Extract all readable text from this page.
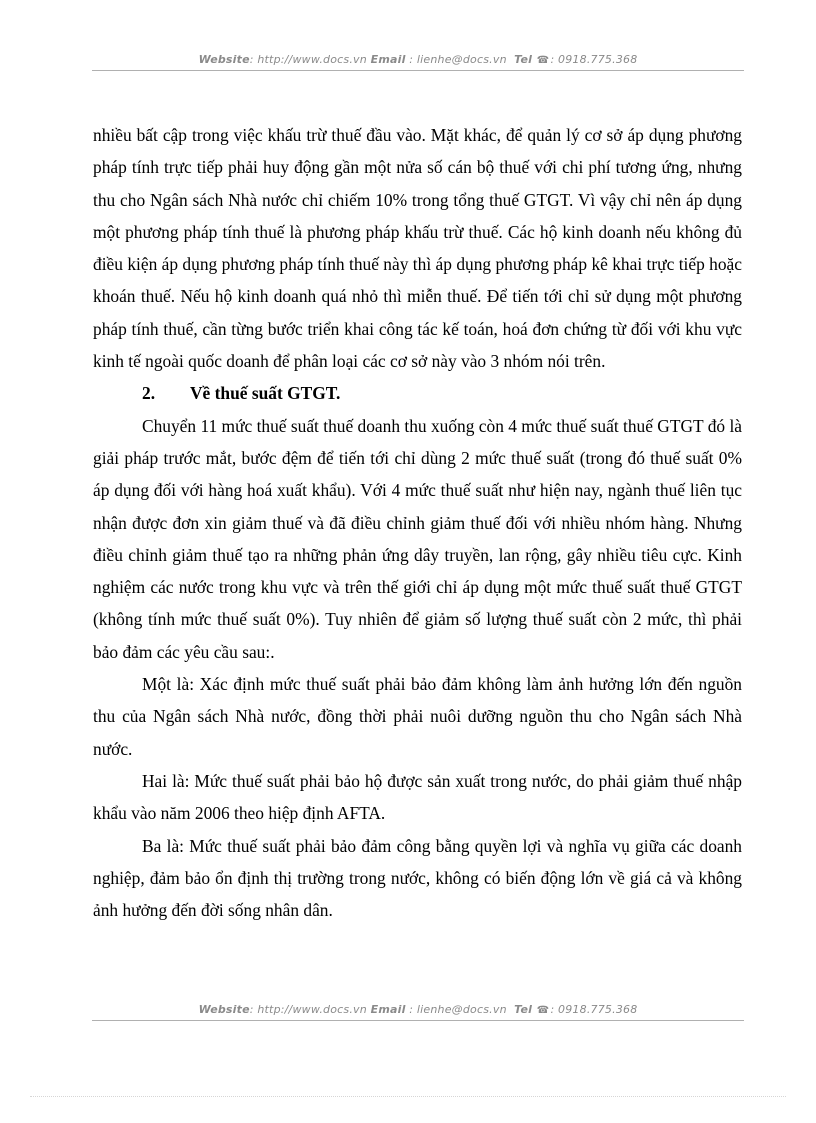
Website: http://www.docs.vn Email : lienhe@docs.vn Tel ☎: 0918.775.368

nhiều bất cập trong việc khấu trừ thuế đầu vào. Mặt khác, để quản lý cơ sở áp dụng phương pháp tính trực tiếp phải huy động gần một nửa số cán bộ thuế với chi phí tương ứng, nhưng thu cho Ngân sách Nhà nước chỉ chiếm 10% trong tổng thuế GTGT. Vì vậy chỉ nên áp dụng một phương pháp tính thuế là phương pháp khấu trừ thuế. Các hộ kinh doanh nếu không đủ điều kiện áp dụng phương pháp tính thuế này thì áp dụng phương pháp kê khai trực tiếp hoặc khoán thuế. Nếu hộ kinh doanh quá nhỏ thì miễn thuế. Để tiến tới chỉ sử dụng một phương pháp tính thuế, cần từng bước triển khai công tác kế toán, hoá đơn chứng từ đối với khu vực kinh tế ngoài quốc doanh để phân loại các cơ sở này vào 3 nhóm nói trên.

2. Về thuế suất GTGT.

Chuyển 11 mức thuế suất thuế doanh thu xuống còn 4 mức thuế suất thuế GTGT đó là giải pháp trước mắt, bước đệm để tiến tới chỉ dùng 2 mức thuế suất (trong đó thuế suất 0% áp dụng đối với hàng hoá xuất khẩu). Với 4 mức thuế suất như hiện nay, ngành thuế liên tục nhận được đơn xin giảm thuế và đã điều chỉnh giảm thuế đối với nhiều nhóm hàng. Nhưng điều chỉnh giảm thuế tạo ra những phản ứng dây truyền, lan rộng, gây nhiều tiêu cực. Kinh nghiệm các nước trong khu vực và trên thế giới chỉ áp dụng một mức thuế suất thuế GTGT (không tính mức thuế suất 0%). Tuy nhiên để giảm số lượng thuế suất còn 2 mức, thì phải bảo đảm các yêu cầu sau:.

Một là: Xác định mức thuế suất phải bảo đảm không làm ảnh hưởng lớn đến nguồn thu của Ngân sách Nhà nước, đồng thời phải nuôi dưỡng nguồn thu cho Ngân sách Nhà nước.

Hai là: Mức thuế suất phải bảo hộ được sản xuất trong nước, do phải giảm thuế nhập khẩu vào năm 2006 theo hiệp định AFTA.

Ba là: Mức thuế suất phải bảo đảm công bằng quyền lợi và nghĩa vụ giữa các doanh nghiệp, đảm bảo ổn định thị trường trong nước, không có biến động lớn về giá cả và không ảnh hưởng đến đời sống nhân dân.

Website: http://www.docs.vn Email : lienhe@docs.vn Tel ☎: 0918.775.368
